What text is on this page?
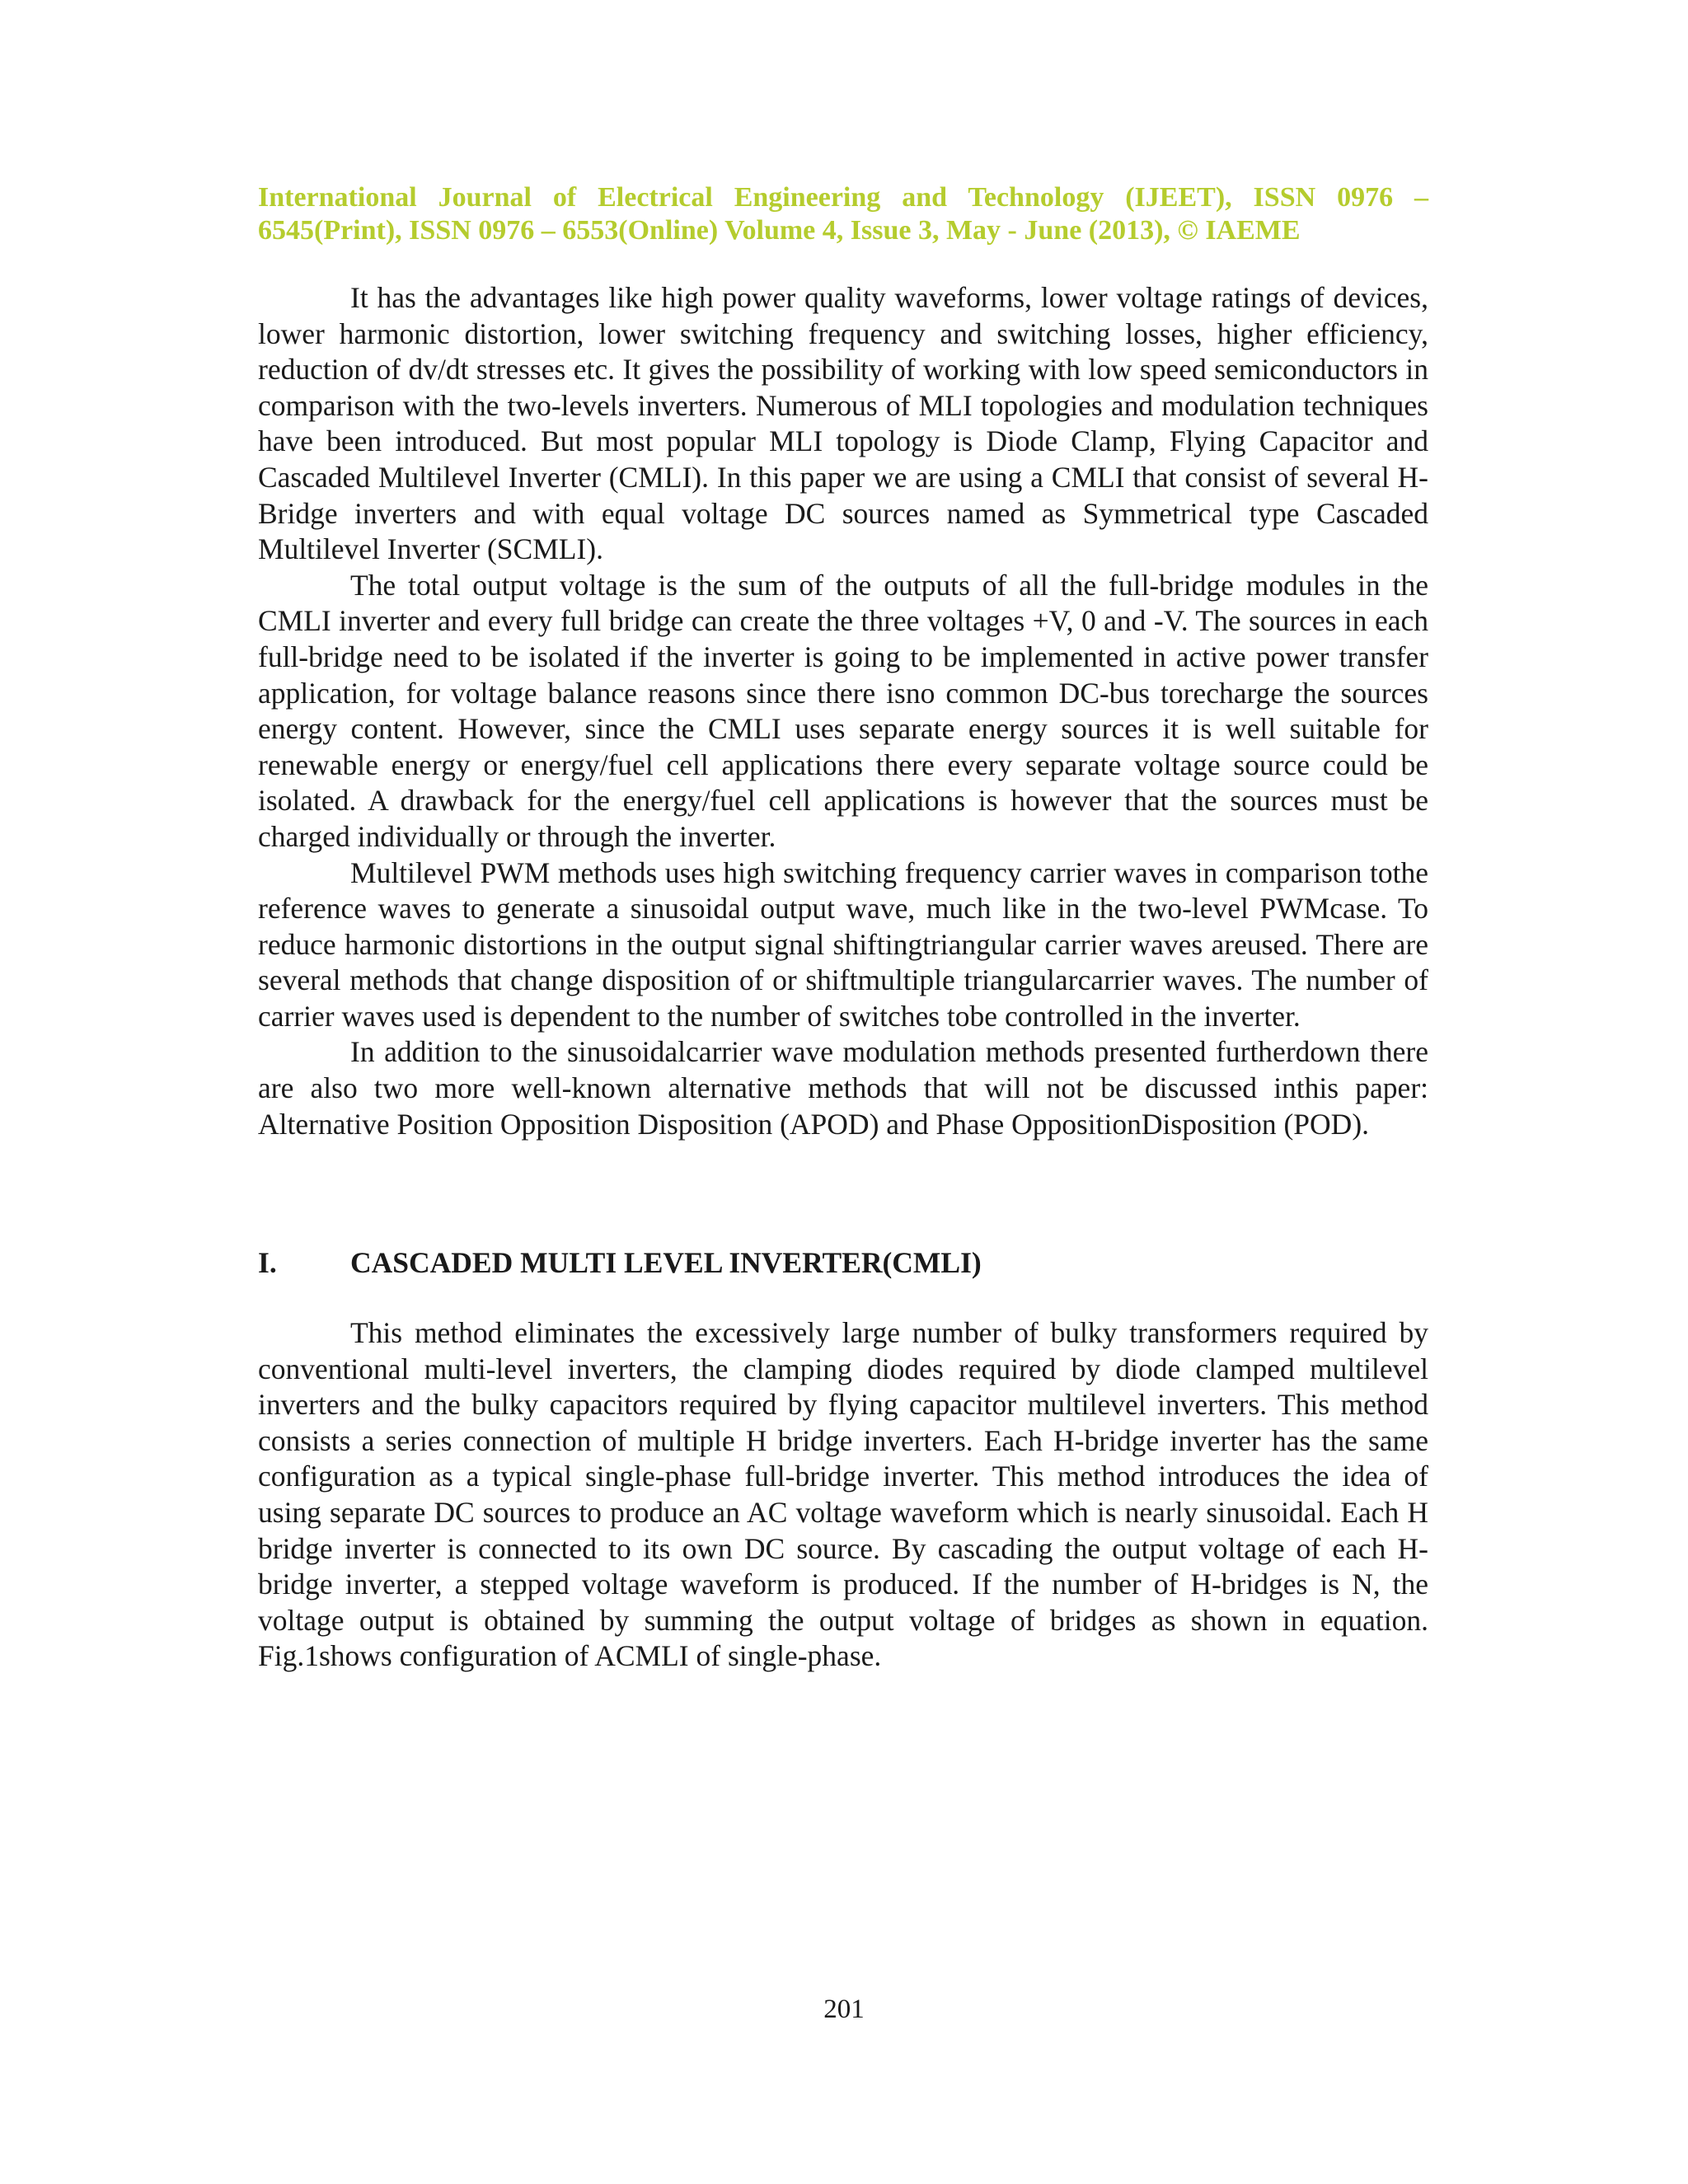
International Journal of Electrical Engineering and Technology (IJEET), ISSN 0976 – 6545(Print), ISSN 0976 – 6553(Online) Volume 4, Issue 3, May - June (2013), © IAEME

It has the advantages like high power quality waveforms, lower voltage ratings of devices, lower harmonic distortion, lower switching frequency and switching losses, higher efficiency, reduction of dv/dt stresses etc. It gives the possibility of working with low speed semiconductors in comparison with the two-levels inverters. Numerous of MLI topologies and modulation techniques have been introduced. But most popular MLI topology is Diode Clamp, Flying Capacitor and Cascaded Multilevel Inverter (CMLI). In this paper we are using a CMLI that consist of several H-Bridge inverters and with equal voltage DC sources named as Symmetrical type Cascaded Multilevel Inverter (SCMLI).

The total output voltage is the sum of the outputs of all the full-bridge modules in the CMLI inverter and every full bridge can create the three voltages +V, 0 and -V. The sources in each full-bridge need to be isolated if the inverter is going to be implemented in active power transfer application, for voltage balance reasons since there isno common DC-bus torecharge the sources energy content. However, since the CMLI uses separate energy sources it is well suitable for renewable energy or energy/fuel cell applications there every separate voltage source could be isolated. A drawback for the energy/fuel cell applications is however that the sources must be charged individually or through the inverter.

Multilevel PWM methods uses high switching frequency carrier waves in comparison tothe reference waves to generate a sinusoidal output wave, much like in the two-level PWMcase. To reduce harmonic distortions in the output signal shiftingtriangular carrier waves areused. There are several methods that change disposition of or shiftmultiple triangularcarrier waves. The number of carrier waves used is dependent to the number of switches tobe controlled in the inverter.

In addition to the sinusoidalcarrier wave modulation methods presented furtherdown there are also two more well-known alternative methods that will not be discussed inthis paper: Alternative Position Opposition Disposition (APOD) and Phase OppositionDisposition (POD).

I.	CASCADED MULTI LEVEL INVERTER(CMLI)

This method eliminates the excessively large number of bulky transformers required by conventional multi-level inverters, the clamping diodes required by diode clamped multilevel inverters and the bulky capacitors required by flying capacitor multilevel inverters. This method consists a series connection of multiple H bridge inverters. Each H-bridge inverter has the same configuration as a typical single-phase full-bridge inverter. This method introduces the idea of using separate DC sources to produce an AC voltage waveform which is nearly sinusoidal. Each H bridge inverter is connected to its own DC source. By cascading the output voltage of each H-bridge inverter, a stepped voltage waveform is produced. If the number of H-bridges is N, the voltage output is obtained by summing the output voltage of bridges as shown in equation. Fig.1shows configuration of ACMLI of single-phase.

201
